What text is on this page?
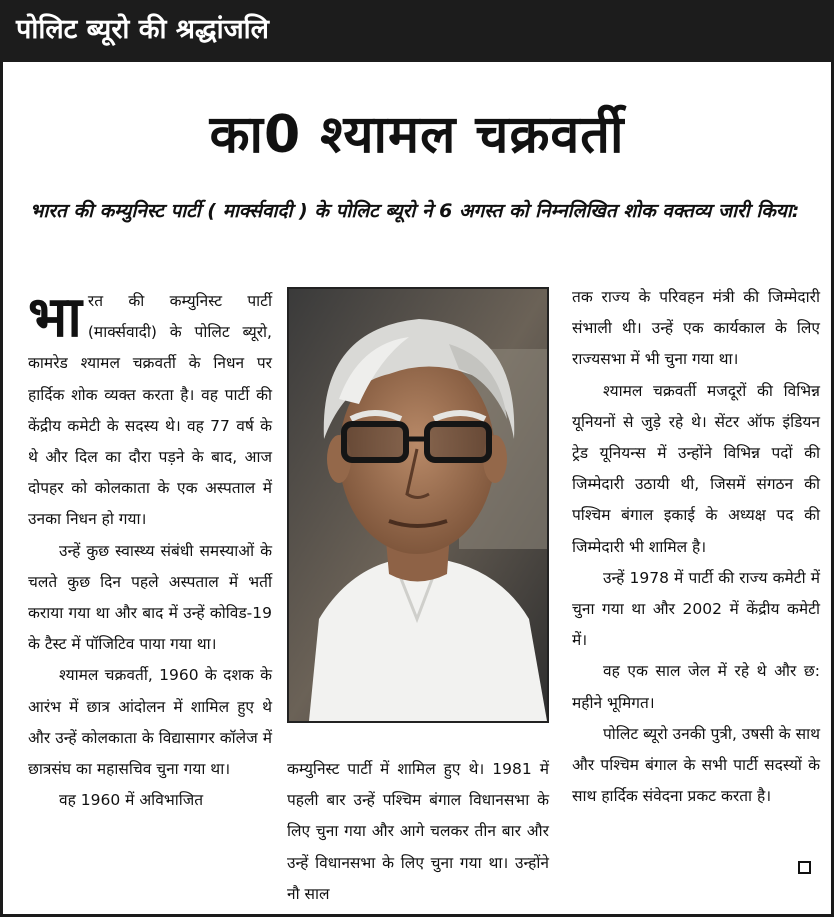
पोलिट ब्यूरो की श्रद्धांजलि
का0 श्यामल चक्रवर्ती
भारत की कम्युनिस्ट पार्टी ( मार्क्सवादी ) के पोलिट ब्यूरो ने 6 अगस्त को निम्नलिखित शोक वक्तव्य जारी किया:

भारत की कम्युनिस्ट पार्टी (मार्क्सवादी) के पोलिट ब्यूरो, कामरेड श्यामल चक्रवर्ती के निधन पर हार्दिक शोक व्यक्त करता है। वह पार्टी की केंद्रीय कमेटी के सदस्य थे। वह 77 वर्ष के थे और दिल का दौरा पड़ने के बाद, आज दोपहर को कोलकाता के एक अस्पताल में उनका निधन हो गया।

उन्हें कुछ स्वास्थ्य संबंधी समस्याओं के चलते कुछ दिन पहले अस्पताल में भर्ती कराया गया था और बाद में उन्हें कोविड-19 के टैस्ट में पॉजिटिव पाया गया था।

श्यामल चक्रवर्ती, 1960 के दशक के आरंभ में छात्र आंदोलन में शामिल हुए थे और उन्हें कोलकाता के विद्यासागर कॉलेज में छात्रसंघ का महासचिव चुना गया था।

वह 1960 में अविभाजित

कम्युनिस्ट पार्टी में शामिल हुए थे। 1981 में पहली बार उन्हें पश्चिम बंगाल विधानसभा के लिए चुना गया और आगे चलकर तीन बार और उन्हें विधानसभा के लिए चुना गया था। उन्होंने नौ साल

तक राज्य के परिवहन मंत्री की जिम्मेदारी संभाली थी। उन्हें एक कार्यकाल के लिए राज्यसभा में भी चुना गया था।

श्यामल चक्रवर्ती मजदूरों की विभिन्न यूनियनों से जुड़े रहे थे। सेंटर ऑफ इंडियन ट्रेड यूनियन्स में उन्होंने विभिन्न पदों की जिम्मेदारी उठायी थी, जिसमें संगठन की पश्चिम बंगाल इकाई के अध्यक्ष पद की जिम्मेदारी भी शामिल है।

उन्हें 1978 में पार्टी की राज्य कमेटी में चुना गया था और 2002 में केंद्रीय कमेटी में।

वह एक साल जेल में रहे थे और छ: महीने भूमिगत।

पोलिट ब्यूरो उनकी पुत्री, उषसी के साथ और पश्चिम बंगाल के सभी पार्टी सदस्यों के साथ हार्दिक संवेदना प्रकट करता है।
